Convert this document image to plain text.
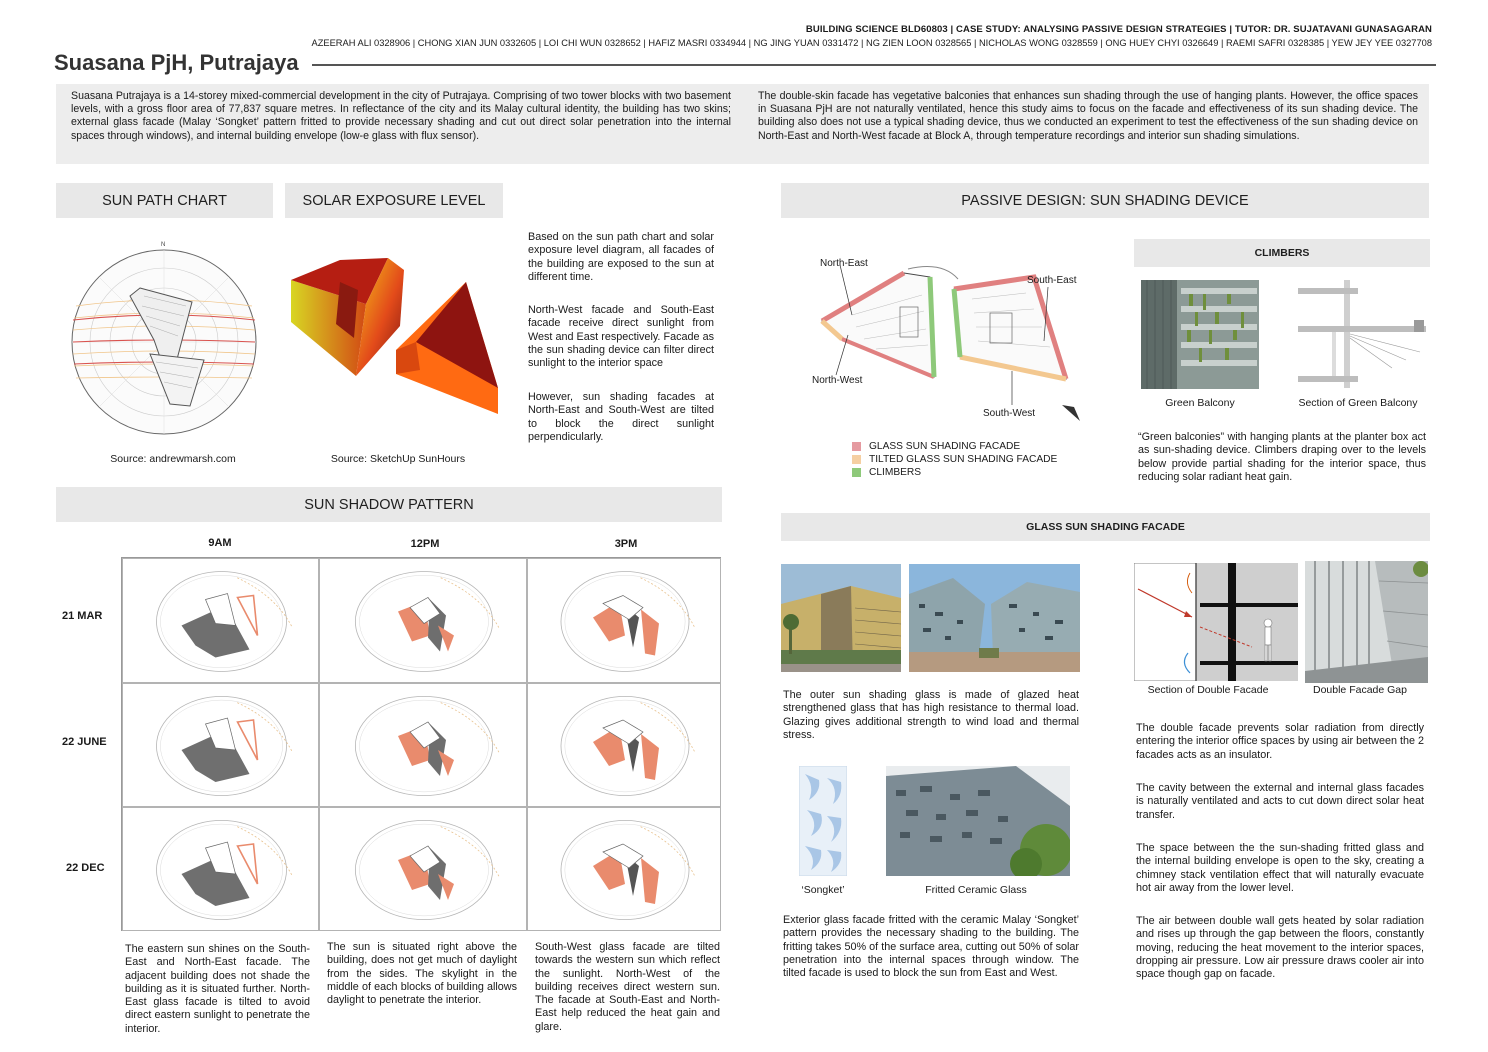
BUILDING SCIENCE BLD60803 | CASE STUDY: ANALYSING PASSIVE DESIGN STRATEGIES | TUTOR: DR. SUJATAVANI GUNASAGARAN
AZEERAH ALI 0328906 | CHONG XIAN JUN 0332605 | LOI CHI WUN 0328652 | HAFIZ MASRI 0334944 | NG JING YUAN 0331472 | NG ZIEN LOON 0328565 | NICHOLAS WONG 0328559 | ONG HUEY CHYI 0326649 | RAEMI SAFRI 0328385 | YEW JEY YEE 0327708
Suasana PjH, Putrajaya

Suasana Putrajaya is a 14-storey mixed-commercial development in the city of Putrajaya. Comprising of two tower blocks with two basement levels, with a gross floor area of 77,837 square metres. In reflectance of the city and its Malay cultural identity, the building has two skins; external glass facade (Malay ‘Songket’ pattern fritted to provide necessary shading and cut out direct solar penetration into the internal spaces through windows), and internal building envelope (low-e glass with flux sensor).

The double-skin facade has vegetative balconies that enhances sun shading through the use of hanging plants. However, the office spaces in Suasana PjH are not naturally ventilated, hence this study aims to focus on the facade and effectiveness of its sun shading device. The building also does not use a typical shading device, thus we conducted an experiment to test the effectiveness of the sun shading device on North-East and North-West facade at Block A, through temperature recordings and interior sun shading simulations.

SUN PATH CHART
N
Source: andrewmarsh.com
SOLAR EXPOSURE LEVEL
Source: SketchUp SunHours
Based on the sun path chart and solar exposure level diagram, all facades of the building are exposed to the sun at different time.
North-West facade and South-East facade receive direct sunlight from West and East respectively. Facade as the sun shading device can filter direct sunlight to the interior space
However, sun shading facades at North-East and South-West are tilted to block the direct sunlight perpendicularly.
SUN SHADOW PATTERN
9AM	12PM	3PM
21 MAR
22 JUNE
22 DEC
The eastern sun shines on the South-East and North-East facade. The adjacent building does not shade the building as it is situated further. North-East glass facade is tilted to avoid direct eastern sunlight to penetrate the interior.
The sun is situated right above the building, does not get much of daylight from the sides. The skylight in the middle of each blocks of building allows daylight to penetrate the interior.
South-West glass facade are tilted towards the western sun which reflect the sunlight. North-West of the building receives direct western sun. The facade at South-East and North-East help reduced the heat gain and glare.
PASSIVE DESIGN: SUN SHADING DEVICE
North-East
South-East
North-West
South-West
GLASS SUN SHADING FACADE
TILTED GLASS SUN SHADING FACADE
CLIMBERS
CLIMBERS
Green Balcony	Section of Green Balcony
“Green balconies” with hanging plants at the planter box act as sun-shading device. Climbers draping over to the levels below provide partial shading for the interior space, thus reducing solar radiant heat gain.
GLASS SUN SHADING FACADE
The outer sun shading glass is made of glazed heat strengthened glass that has high resistance to thermal load. Glazing gives additional strength to wind load and thermal stress.
‘Songket’	Fritted Ceramic Glass
Exterior glass facade fritted with the ceramic Malay ‘Songket’ pattern provides the necessary shading to the building. The fritting takes 50% of the surface area, cutting out 50% of solar penetration into the internal spaces through window. The tilted facade is used to block the sun from East and West.
Section of Double Facade	Double Facade Gap
The double facade prevents solar radiation from directly entering the interior office spaces by using air between the 2 facades acts as an insulator.
The cavity between the external and internal glass facades is naturally ventilated and acts to cut down direct solar heat transfer.
The space between the the sun-shading fritted glass and the internal building envelope is open to the sky, creating a chimney stack ventilation effect that will naturally evacuate hot air away from the lower level.
The air between double wall gets heated by solar radiation and rises up through the gap between the floors, constantly moving, reducing the heat movement to the interior spaces, dropping air pressure. Low air pressure draws cooler air into space though gap on facade.
